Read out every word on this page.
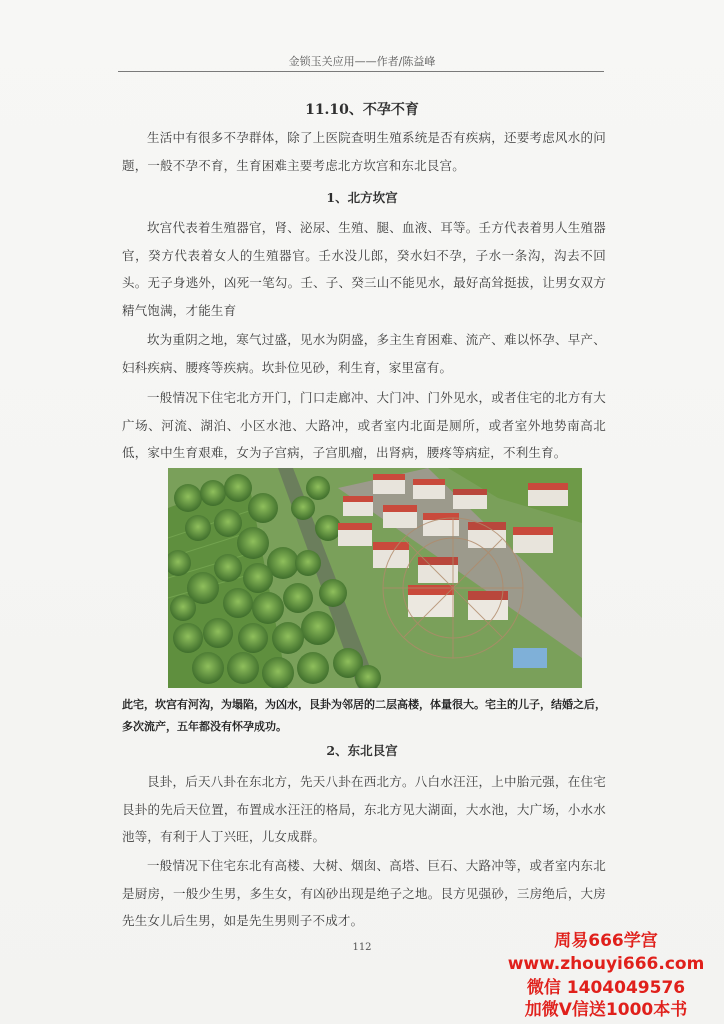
金锁玉关应用——作者/陈益峰
11.10、不孕不育
生活中有很多不孕群体，除了上医院查明生殖系统是否有疾病，还要考虑风水的问题，一般不孕不育，生育困难主要考虑北方坎宫和东北艮宫。
1、北方坎宫
坎宫代表着生殖器官，肾、泌尿、生殖、腿、血液、耳等。壬方代表着男人生殖器官，癸方代表着女人的生殖器官。壬水没儿郎，癸水妇不孕，子水一条沟，沟去不回头。无子身逃外，凶死一笔勾。壬、子、癸三山不能见水，最好高耸挺拔，让男女双方精气饱满，才能生育
坎为重阴之地，寒气过盛，见水为阴盛，多主生育困难、流产、难以怀孕、早产、妇科疾病、腰疼等疾病。坎卦位见砂，利生育，家里富有。
一般情况下住宅北方开门，门口走廊冲、大门冲、门外见水，或者住宅的北方有大广场、河流、湖泊、小区水池、大路冲，或者室内北面是厕所，或者室外地势南高北低，家中生育艰难，女为子宫病，子宫肌瘤，出肾病，腰疼等病症，不利生育。
此宅，坎宫有河沟，为塌陷，为凶水，艮卦为邻居的二层高楼，体量很大。宅主的儿子，结婚之后，多次流产，五年都没有怀孕成功。
2、东北艮宫
艮卦，后天八卦在东北方，先天八卦在西北方。八白水汪汪，上中胎元强，在住宅艮卦的先后天位置，布置成水汪汪的格局，东北方见大湖面，大水池，大广场，小水水池等，有利于人丁兴旺，儿女成群。
一般情况下住宅东北有高楼、大树、烟囱、高塔、巨石、大路冲等，或者室内东北是厨房，一般少生男，多生女，有凶砂出现是绝子之地。艮方见强砂，三房绝后，大房先生女儿后生男，如是先生男则子不成才。
112	周易666学宫
www.zhouyi666.com
微信 1404049576
加微V信送1000本书
